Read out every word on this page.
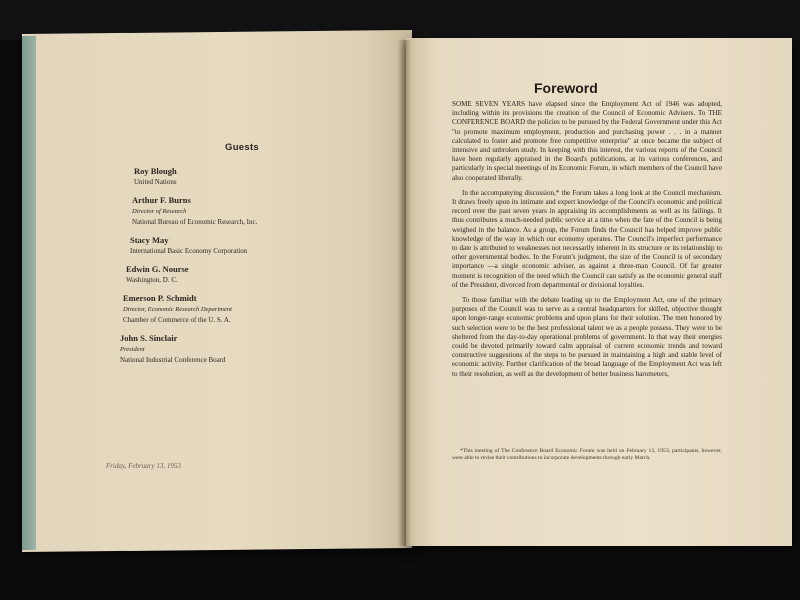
Guests
Roy Blough
United Nations
Arthur F. Burns
Director of Research
National Bureau of Economic Research, Inc.
Stacy May
International Basic Economy Corporation
Edwin G. Nourse
Washington, D. C.
Emerson P. Schmidt
Director, Economic Research Department
Chamber of Commerce of the U. S. A.
John S. Sinclair
President
National Industrial Conference Board
Friday, February 13, 1953
Foreword

SOME SEVEN YEARS have elapsed since the Employment Act of 1946 was adopted, including within its provisions the creation of the Council of Economic Advisers. To THE CONFERENCE BOARD the policies to be pursued by the Federal Government under this Act "to promote maximum employment, production and purchasing power . . . in a manner calculated to foster and promote free competitive enterprise" at once became the subject of intensive and unbroken study. In keeping with this interest, the various reports of the Council have been regularly appraised in the Board's publications, at its various conferences, and particularly in special meetings of its Economic Forum, in which members of the Council have also cooperated liberally.

In the accompanying discussion,* the Forum takes a long look at the Council mechanism. It draws freely upon its intimate and expert knowledge of the Council's economic and political record over the past seven years in appraising its accomplishments as well as its failings. It thus contributes a much-needed public service at a time when the fate of the Council is being weighed in the balance. As a group, the Forum finds the Council has helped improve public knowledge of the way in which our economy operates. The Council's imperfect performance to date is attributed to weaknesses not necessarily inherent in its structure or its relationship to other governmental bodies. In the Forum's judgment, the size of the Council is of secondary importance —a single economic adviser, as against a three-man Council. Of far greater moment is recognition of the need which the Council can satisfy as the economic general staff of the President, divorced from departmental or divisional loyalties.

To those familiar with the debate leading up to the Employment Act, one of the primary purposes of the Council was to serve as a central headquarters for skilled, objective thought upon longer-range economic problems and upon plans for their solution. The men honored by such selection were to be the best professional talent we as a people possess. They were to be sheltered from the day-to-day operational problems of government. In that way their energies could be devoted primarily toward calm appraisal of current economic trends and toward constructive suggestions of the steps to be pursued in maintaining a high and stable level of economic activity. Further clarification of the broad language of the Employment Act was left to their resolution, as well as the development of better business barometers,

*This meeting of The Conference Board Economic Forum was held on February 13, 1953; participants, however, were able to revise their contributions to incorporate developments through early March.
